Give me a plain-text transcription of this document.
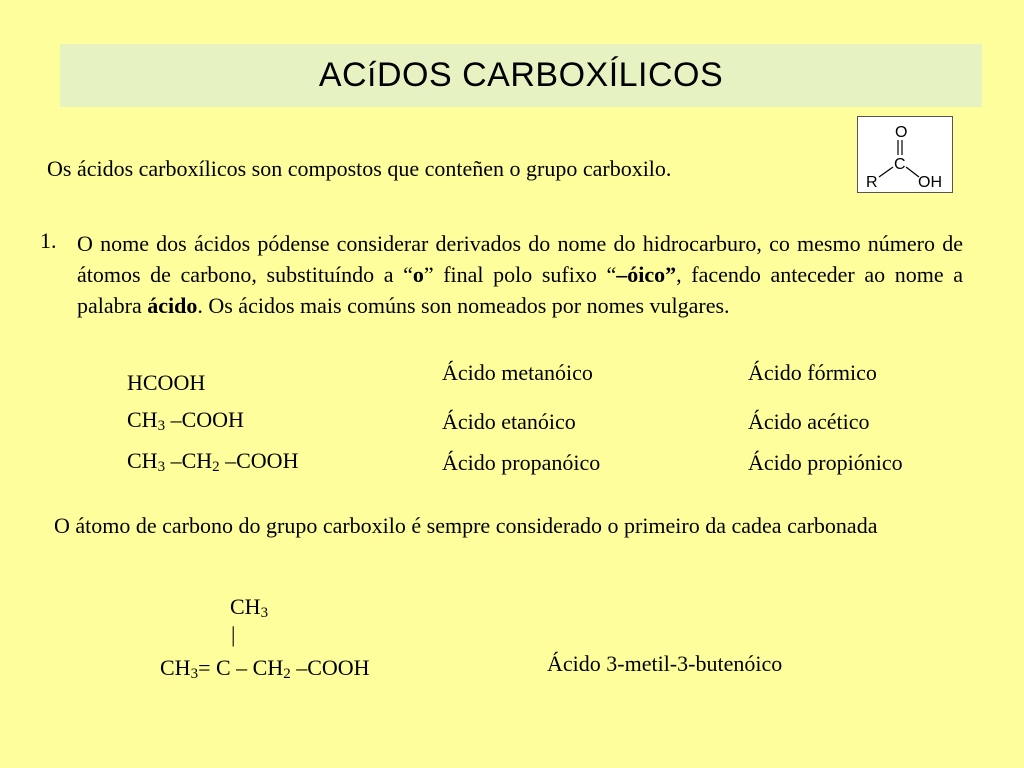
ACíDOS CARBOXÍLICOS
Os ácidos carboxílicos son compostos que conteñen o grupo carboxilo.
O
C
R	OH
1. O nome dos ácidos pódense considerar derivados do nome do hidrocarburo, co mesmo número de átomos de carbono, substituíndo a “o” final polo sufixo “–óico”, facendo anteceder ao nome a palabra ácido. Os ácidos mais comúns son nomeados por nomes vulgares.

HCOOH	Ácido metanóico	Ácido fórmico
$CH_3$ –COOH	Ácido etanóico	Ácido acético
$CH_3$ $-CH_2$ –COOH	Ácido propanóico	Ácido propiónico

O átomo de carbono do grupo carboxilo é sempre considerado o primeiro da cadea carbonada

$CH_3$
|
$CH_3= C - CH_2$ –COOH	Ácido 3-metil-3-butenóico
